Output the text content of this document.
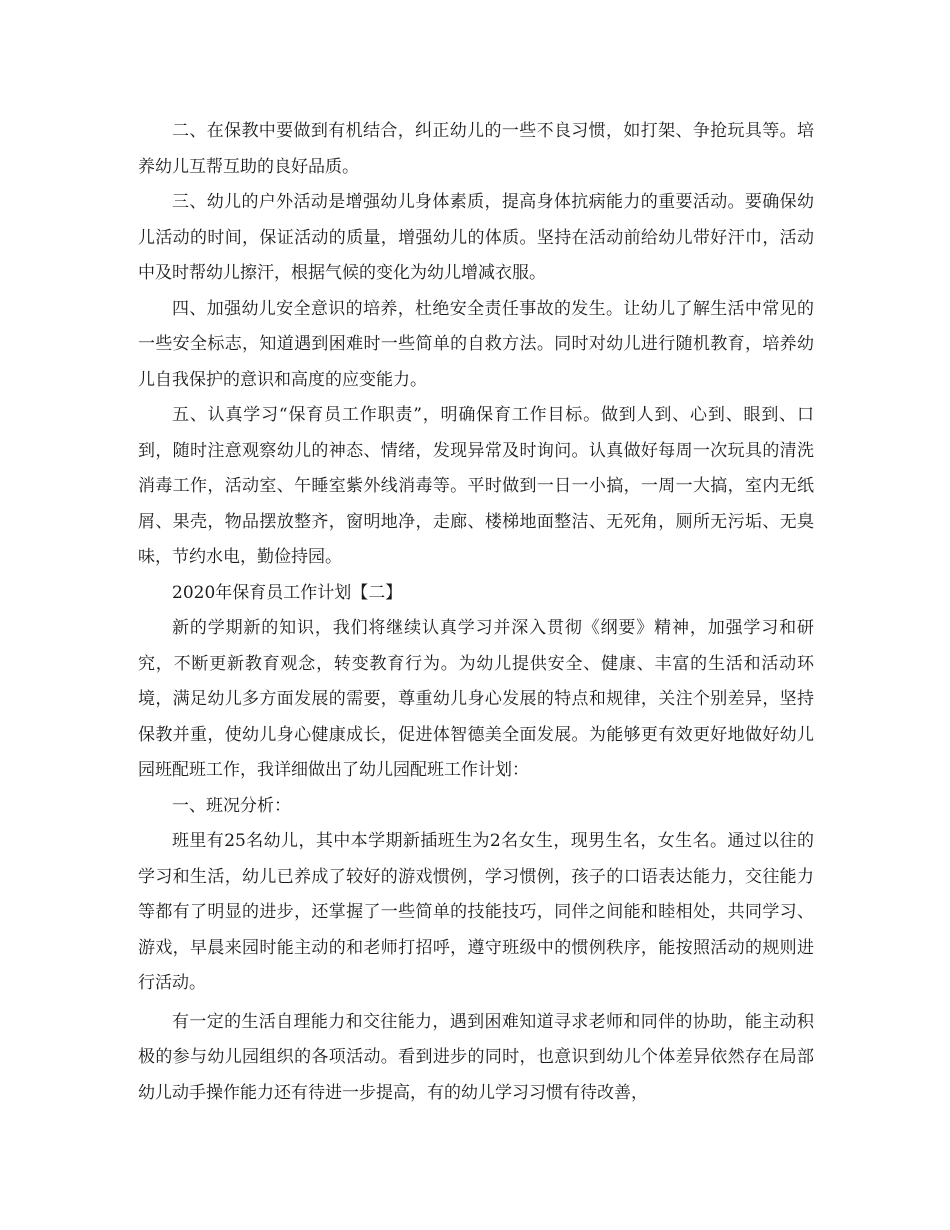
二、在保教中要做到有机结合，纠正幼儿的一些不良习惯，如打架、争抢玩具等。培养幼儿互帮互助的良好品质。

三、幼儿的户外活动是增强幼儿身体素质，提高身体抗病能力的重要活动。要确保幼儿活动的时间，保证活动的质量，增强幼儿的体质。坚持在活动前给幼儿带好汗巾，活动中及时帮幼儿擦汗，根据气候的变化为幼儿增减衣服。

四、加强幼儿安全意识的培养，杜绝安全责任事故的发生。让幼儿了解生活中常见的一些安全标志，知道遇到困难时一些简单的自救方法。同时对幼儿进行随机教育，培养幼儿自我保护的意识和高度的应变能力。

五、认真学习“保育员工作职责”，明确保育工作目标。做到人到、心到、眼到、口到，随时注意观察幼儿的神态、情绪，发现异常及时询问。认真做好每周一次玩具的清洗消毒工作，活动室、午睡室紫外线消毒等。平时做到一日一小搞，一周一大搞，室内无纸屑、果壳，物品摆放整齐，窗明地净，走廊、楼梯地面整洁、无死角，厕所无污垢、无臭味，节约水电，勤俭持园。

2020年保育员工作计划【二】

新的学期新的知识，我们将继续认真学习并深入贯彻《纲要》精神，加强学习和研究，不断更新教育观念，转变教育行为。为幼儿提供安全、健康、丰富的生活和活动环境，满足幼儿多方面发展的需要，尊重幼儿身心发展的特点和规律，关注个别差异，坚持保教并重，使幼儿身心健康成长，促进体智德美全面发展。为能够更有效更好地做好幼儿园班配班工作，我详细做出了幼儿园配班工作计划：

一、班况分析：

班里有25名幼儿，其中本学期新插班生为2名女生，现男生名，女生名。通过以往的学习和生活，幼儿已养成了较好的游戏惯例，学习惯例，孩子的口语表达能力，交往能力等都有了明显的进步，还掌握了一些简单的技能技巧，同伴之间能和睦相处，共同学习、游戏，早晨来园时能主动的和老师打招呼，遵守班级中的惯例秩序，能按照活动的规则进行活动。

有一定的生活自理能力和交往能力，遇到困难知道寻求老师和同伴的协助，能主动积极的参与幼儿园组织的各项活动。看到进步的同时，也意识到幼儿个体差异依然存在局部幼儿动手操作能力还有待进一步提高，有的幼儿学习习惯有待改善，
